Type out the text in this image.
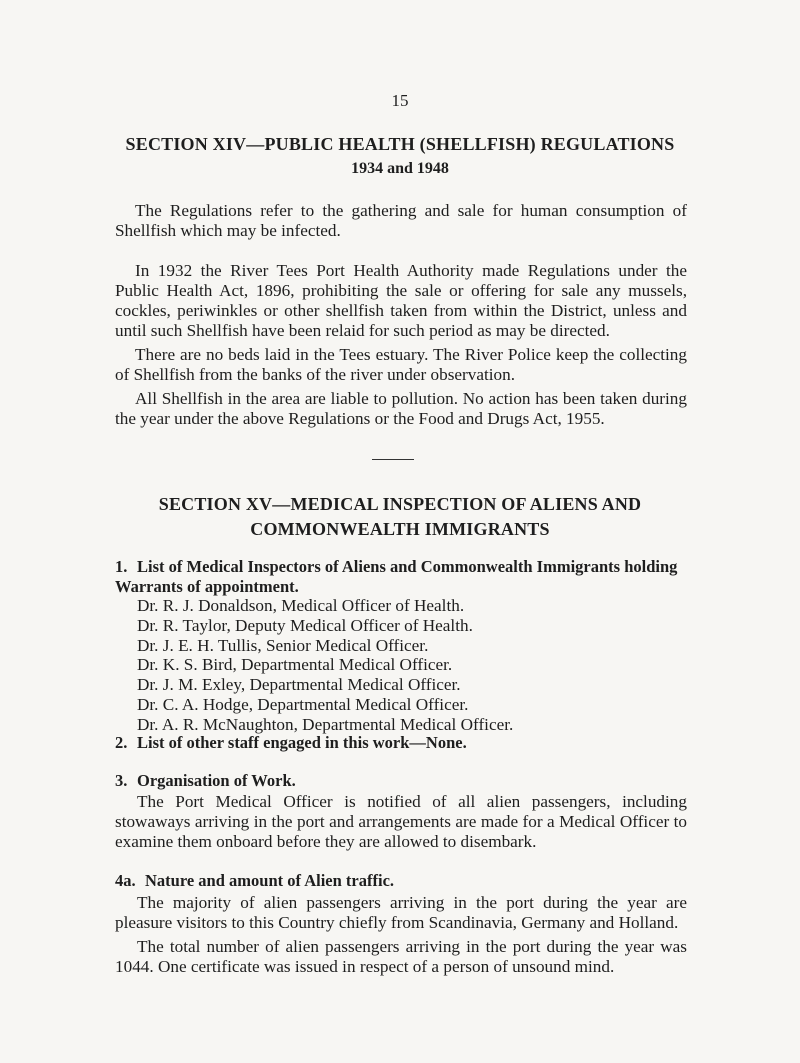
15
SECTION XIV—PUBLIC HEALTH (SHELLFISH) REGULATIONS
1934 and 1948

The Regulations refer to the gathering and sale for human consumption of Shellfish which may be infected.

In 1932 the River Tees Port Health Authority made Regulations under the Public Health Act, 1896, prohibiting the sale or offering for sale any mussels, cockles, periwinkles or other shellfish taken from within the District, unless and until such Shellfish have been relaid for such period as may be directed.

There are no beds laid in the Tees estuary. The River Police keep the collecting of Shellfish from the banks of the river under observation.

All Shellfish in the area are liable to pollution. No action has been taken during the year under the above Regulations or the Food and Drugs Act, 1955.

SECTION XV—MEDICAL INSPECTION OF ALIENS AND
COMMONWEALTH IMMIGRANTS

1. List of Medical Inspectors of Aliens and Commonwealth Immigrants holding Warrants of appointment.

Dr. R. J. Donaldson, Medical Officer of Health.
Dr. R. Taylor, Deputy Medical Officer of Health.
Dr. J. E. H. Tullis, Senior Medical Officer.
Dr. K. S. Bird, Departmental Medical Officer.
Dr. J. M. Exley, Departmental Medical Officer.
Dr. C. A. Hodge, Departmental Medical Officer.
Dr. A. R. McNaughton, Departmental Medical Officer.

2. List of other staff engaged in this work—None.

3. Organisation of Work.

The Port Medical Officer is notified of all alien passengers, including stowaways arriving in the port and arrangements are made for a Medical Officer to examine them onboard before they are allowed to disembark.

4a. Nature and amount of Alien traffic.

The majority of alien passengers arriving in the port during the year are pleasure visitors to this Country chiefly from Scandinavia, Germany and Holland.

The total number of alien passengers arriving in the port during the year was 1044. One certificate was issued in respect of a person of unsound mind.
